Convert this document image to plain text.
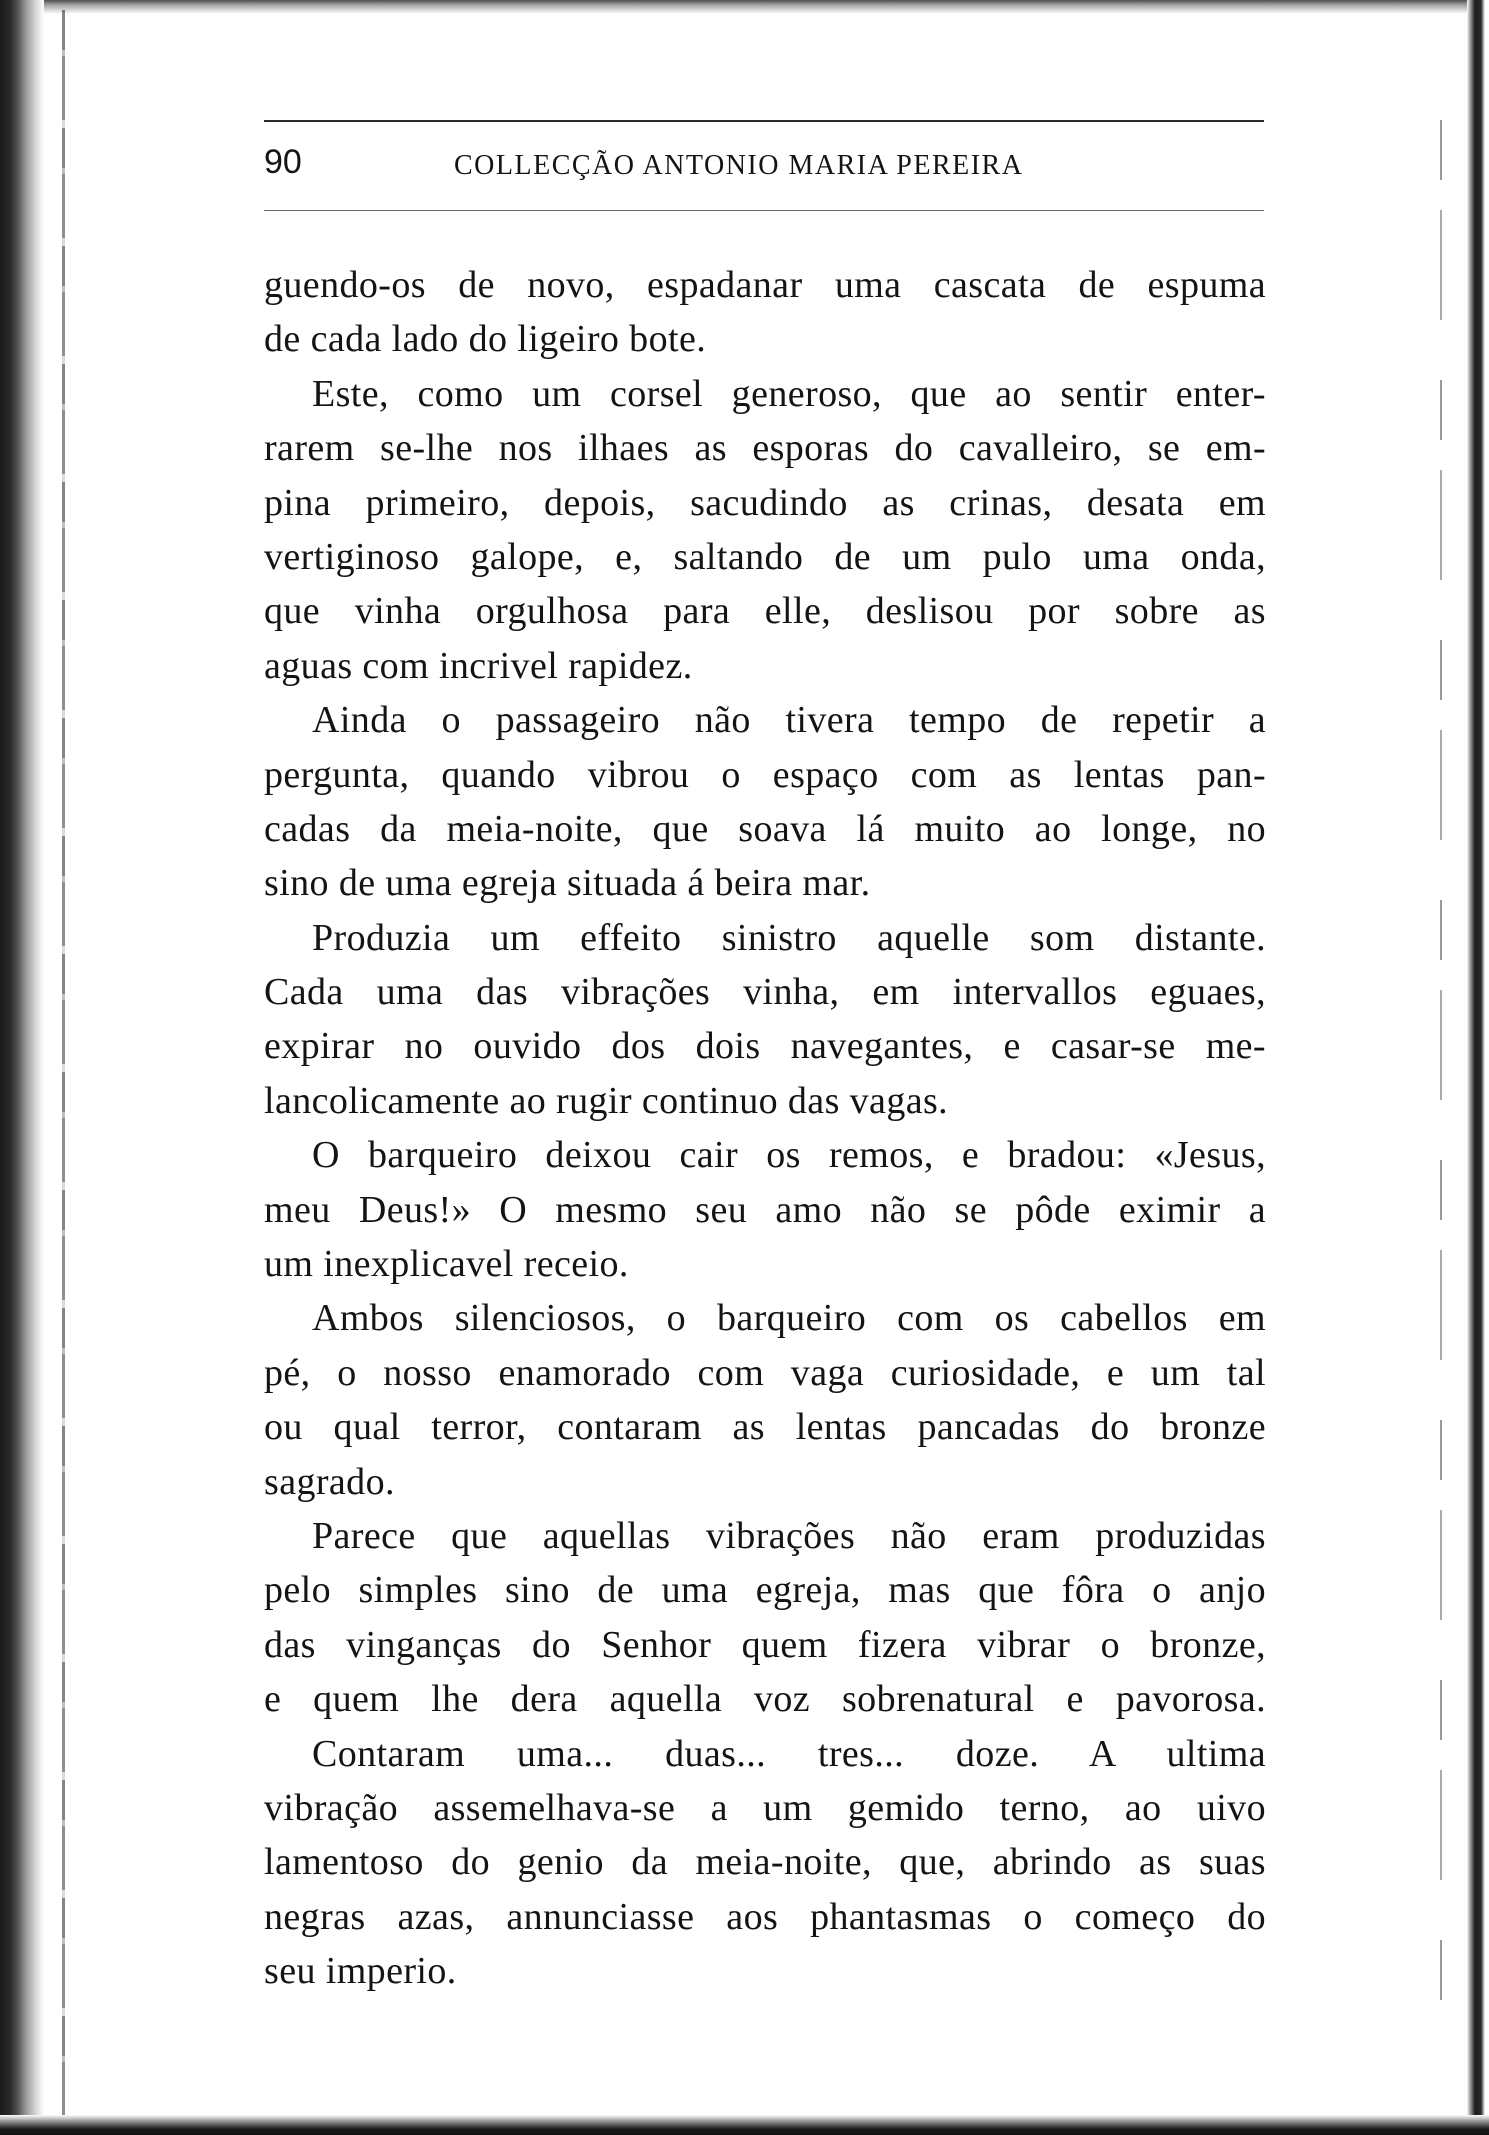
90	COLLECÇÃO ANTONIO MARIA PEREIRA
guendo-os de novo, espadanar uma cascata de espuma
de cada lado do ligeiro bote.
Este, como um corsel generoso, que ao sentir enter-
rarem se-lhe nos ilhaes as esporas do cavalleiro, se em-
pina primeiro, depois, sacudindo as crinas, desata em
vertiginoso galope, e, saltando de um pulo uma onda,
que vinha orgulhosa para elle, deslisou por sobre as
aguas com incrivel rapidez.
Ainda o passageiro não tivera tempo de repetir a
pergunta, quando vibrou o espaço com as lentas pan-
cadas da meia-noite, que soava lá muito ao longe, no
sino de uma egreja situada á beira mar.
Produzia um effeito sinistro aquelle som distante.
Cada uma das vibrações vinha, em intervallos eguaes,
expirar no ouvido dos dois navegantes, e casar-se me-
lancolicamente ao rugir continuo das vagas.
O barqueiro deixou cair os remos, e bradou: «Jesus,
meu Deus!» O mesmo seu amo não se pôde eximir a
um inexplicavel receio.
Ambos silenciosos, o barqueiro com os cabellos em
pé, o nosso enamorado com vaga curiosidade, e um tal
ou qual terror, contaram as lentas pancadas do bronze
sagrado.
Parece que aquellas vibrações não eram produzidas
pelo simples sino de uma egreja, mas que fôra o anjo
das vinganças do Senhor quem fizera vibrar o bronze,
e quem lhe dera aquella voz sobrenatural e pavorosa.
Contaram uma... duas... tres... doze. A ultima
vibração assemelhava-se a um gemido terno, ao uivo
lamentoso do genio da meia-noite, que, abrindo as suas
negras azas, annunciasse aos phantasmas o começo do
seu imperio.
